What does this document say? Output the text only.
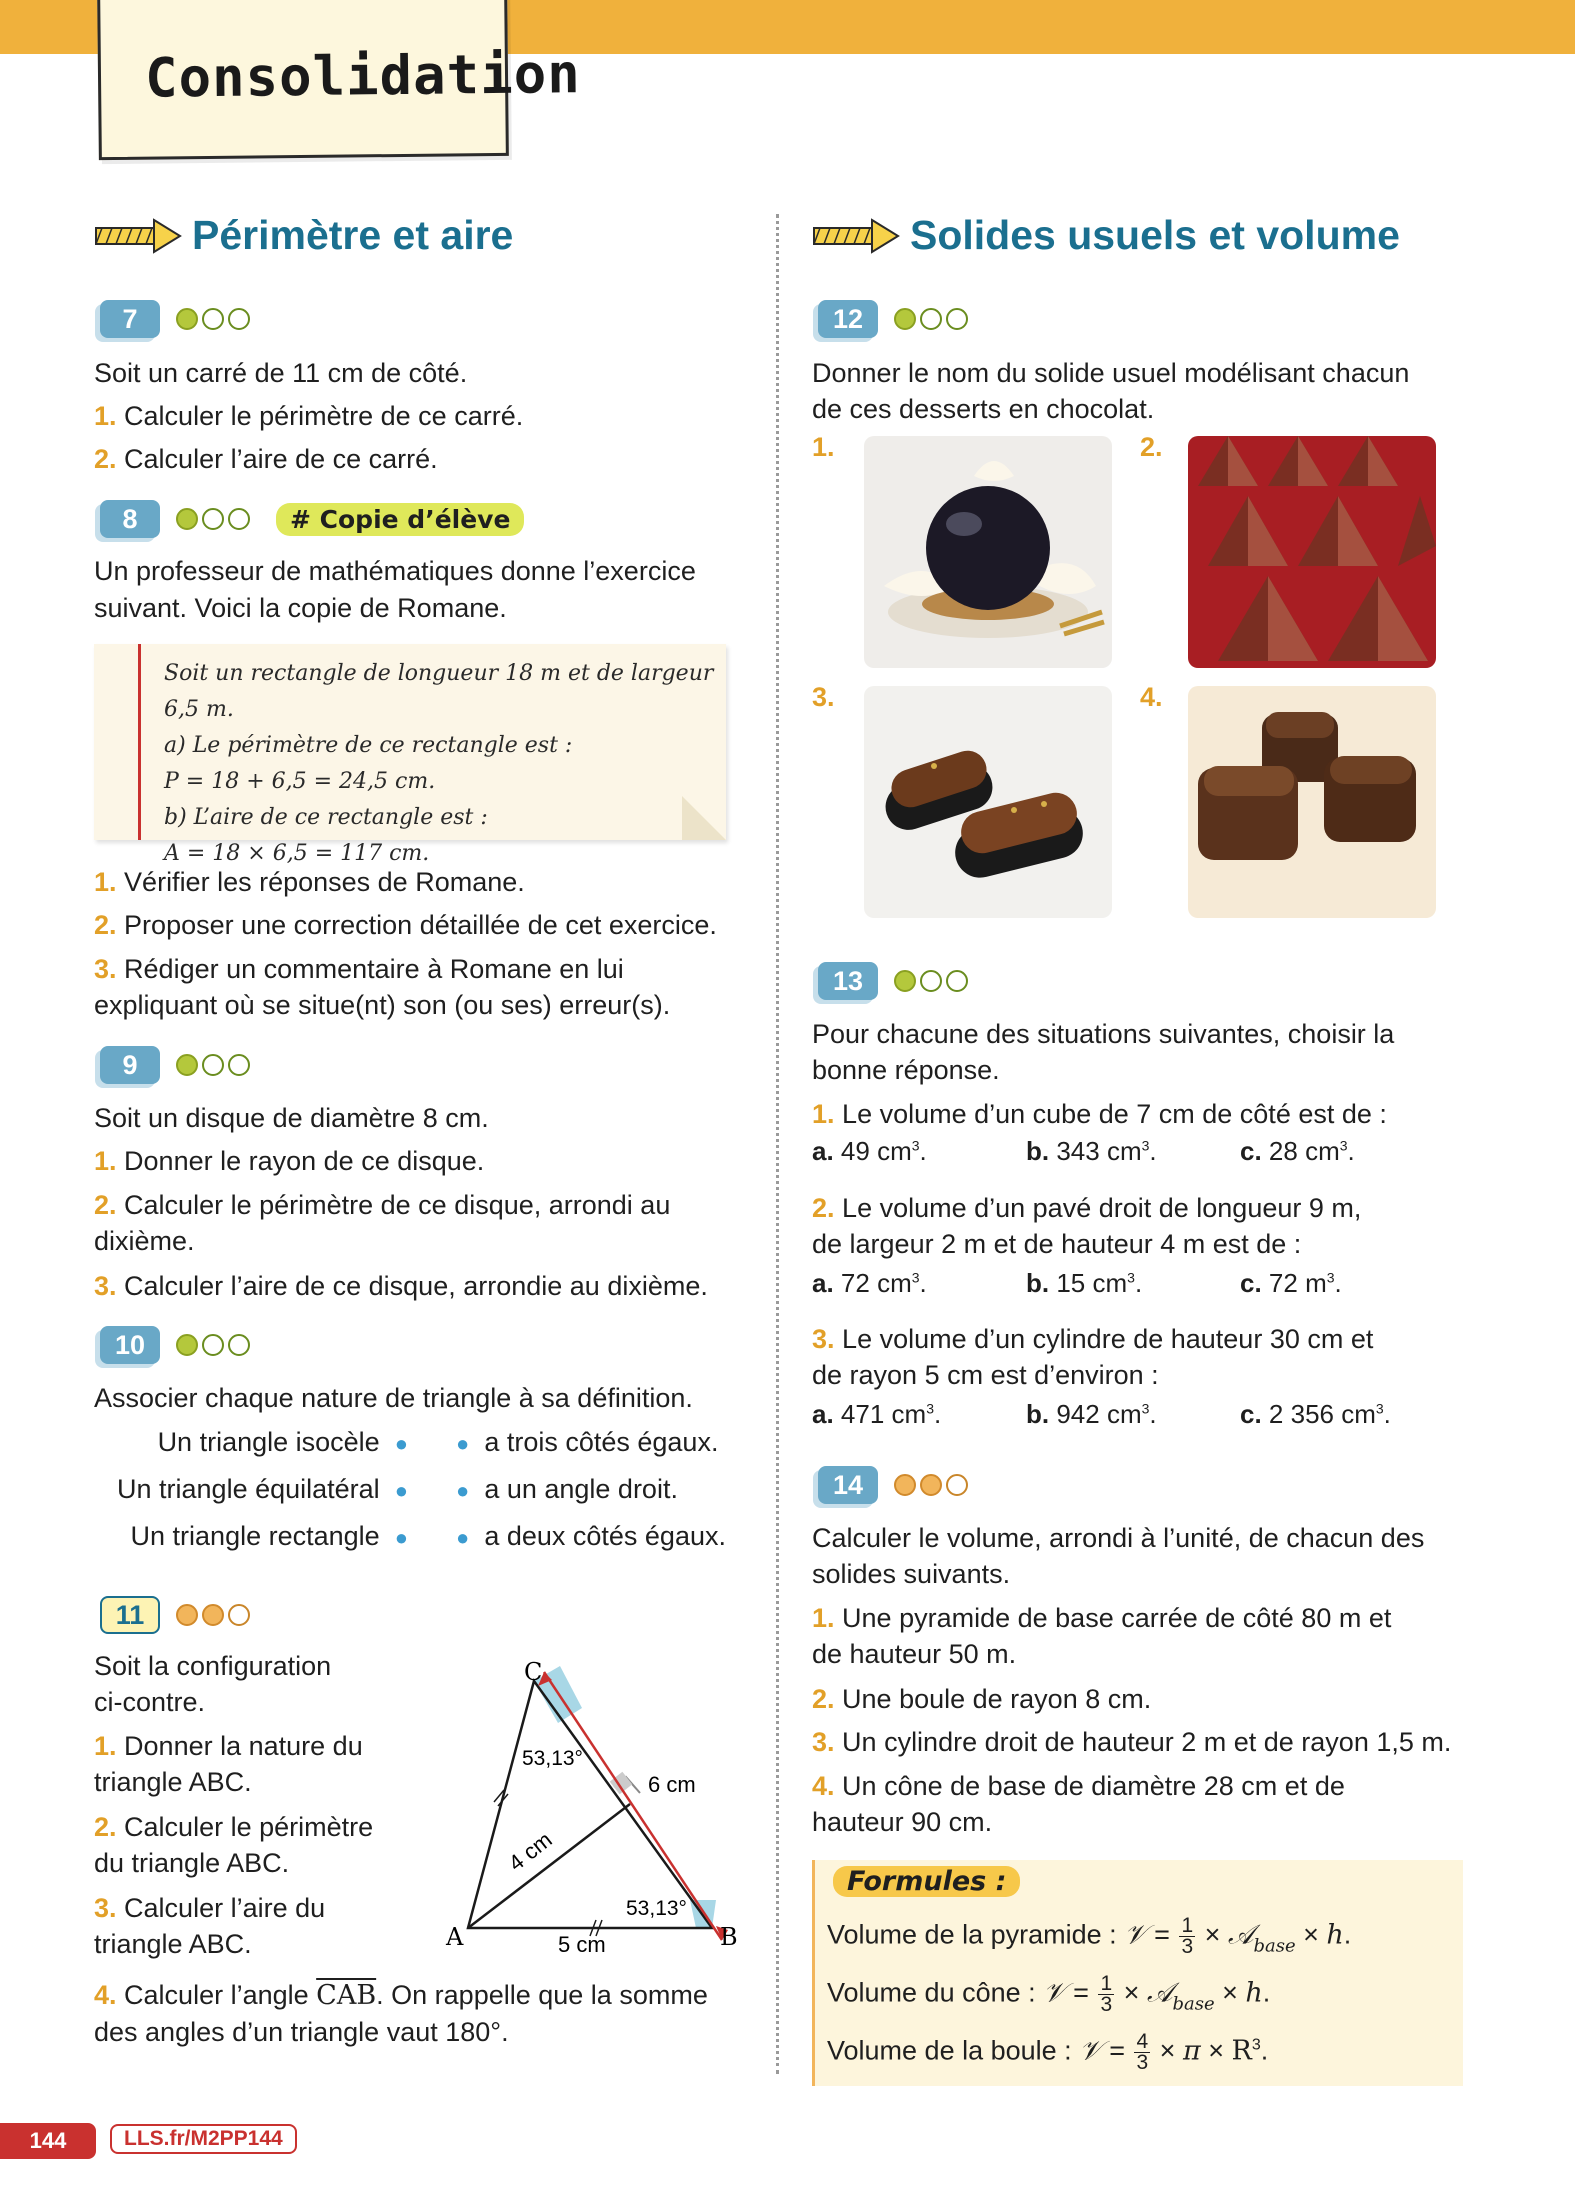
Consolidation
Périmètre et aire
7

Soit un carré de 11 cm de côté.

1. Calculer le périmètre de ce carré.

2. Calculer l’aire de ce carré.

8	# Copie d’élève

Un professeur de mathématiques donne l’exercice

suivant. Voici la copie de Romane.

Soit un rectangle de longueur 18 m et de largeur 6,5 m.
a) Le périmètre de ce rectangle est :
P = 18 + 6,5 = 24,5 cm.
b) L’aire de ce rectangle est :
A = 18 × 6,5 = 117 cm.

1. Vérifier les réponses de Romane.

2. Proposer une correction détaillée de cet exercice.

3. Rédiger un commentaire à Romane en lui
expliquant où se situe(nt) son (ou ses) erreur(s).

9

Soit un disque de diamètre 8 cm.

1. Donner le rayon de ce disque.

2. Calculer le périmètre de ce disque, arrondi au
dixième.

3. Calculer l’aire de ce disque, arrondie au dixième.

10

Associer chaque nature de triangle à sa définition.

Un triangle isocèle ●
Un triangle équilatéral ●
Un triangle rectangle ●
● a trois côtés égaux.
● a un angle droit.
● a deux côtés égaux.
11

Soit la configuration
ci-contre.

1. Donner la nature du
triangle ABC.

2. Calculer le périmètre
du triangle ABC.

3. Calculer l’aire du
triangle ABC.

4. Calculer l’angle $\overline{CAB}$. On rappelle que la somme
des angles d’un triangle vaut 180°.

C
A	B
53,13°
53,13°
6 cm
4 cm
5 cm
Solides usuels et volume
12

Donner le nom du solide usuel modélisant chacun
de ces desserts en chocolat.

1.	2.
3.	4.
13

Pour chacune des situations suivantes, choisir la
bonne réponse.

1. Le volume d’un cube de 7 cm de côté est de :

a. 49 $cm^3$.	b. 343 $cm^3$.	c. 28 $cm^3$.

2. Le volume d’un pavé droit de longueur 9 m,
de largeur 2 m et de hauteur 4 m est de :

a. 72 $cm^3$.	b. 15 $cm^3$.	c. 72 $m^3$.

3. Le volume d’un cylindre de hauteur 30 cm et
de rayon 5 cm est d’environ :

a. 471 $cm^3$.	b. 942 $cm^3$.	c. 2 356 $cm^3$.
14

Calculer le volume, arrondi à l’unité, de chacun des
solides suivants.

1. Une pyramide de base carrée de côté 80 m et
de hauteur 50 m.

2. Une boule de rayon 8 cm.

3. Un cylindre droit de hauteur 2 m et de rayon 1,5 m.

4. Un cône de base de diamètre 28 cm et de
hauteur 90 cm.

Formules :
Volume de la pyramide : 𝒱 = $\frac{1}{3}$ × 𝒜$_{base}$ × h.
Volume du cône : 𝒱 = $\frac{1}{3}$ × 𝒜$_{base}$ × h.
Volume de la boule : 𝒱 = $\frac{4}{3} \times \pi \times R^3$.
144	LLS.fr/M2PP144
